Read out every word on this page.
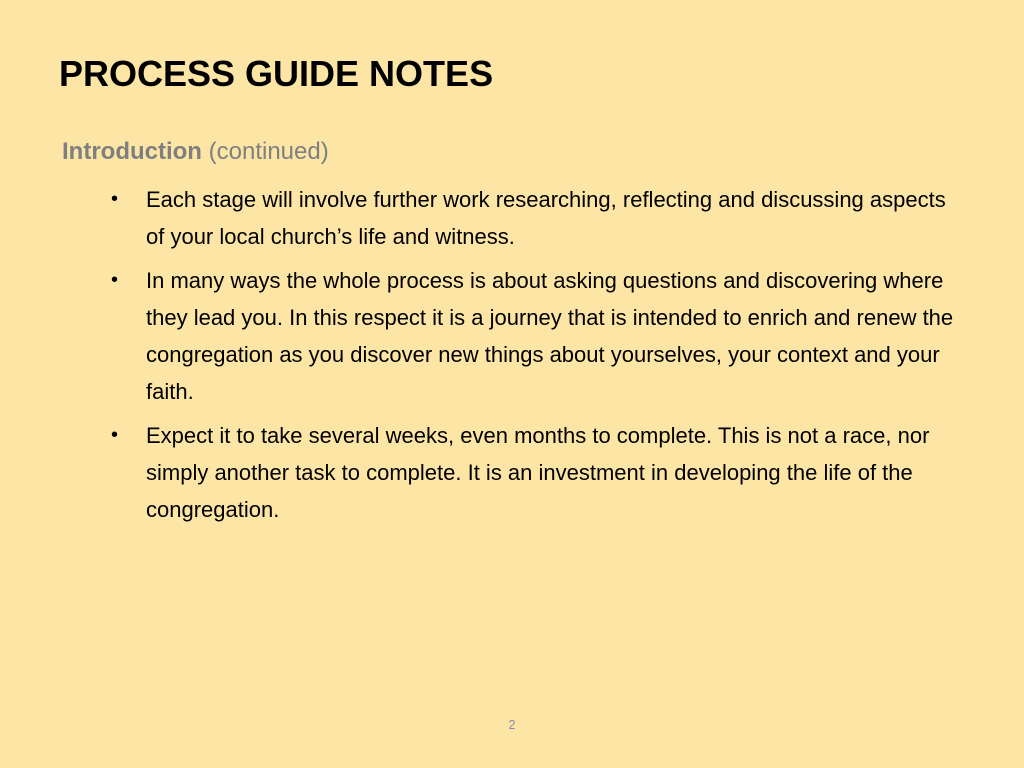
PROCESS GUIDE NOTES
Introduction (continued)
•	Each stage will involve further work researching, reflecting and discussing aspects of your local church’s life and witness.
•	In many ways the whole process is about asking questions and discovering where they lead you. In this respect it is a journey that is intended to enrich and renew the congregation as you discover new things about yourselves, your context and your faith.
•	Expect it to take several weeks, even months to complete. This is not a race, nor simply another task to complete. It is an investment in developing the life of the congregation.
2
